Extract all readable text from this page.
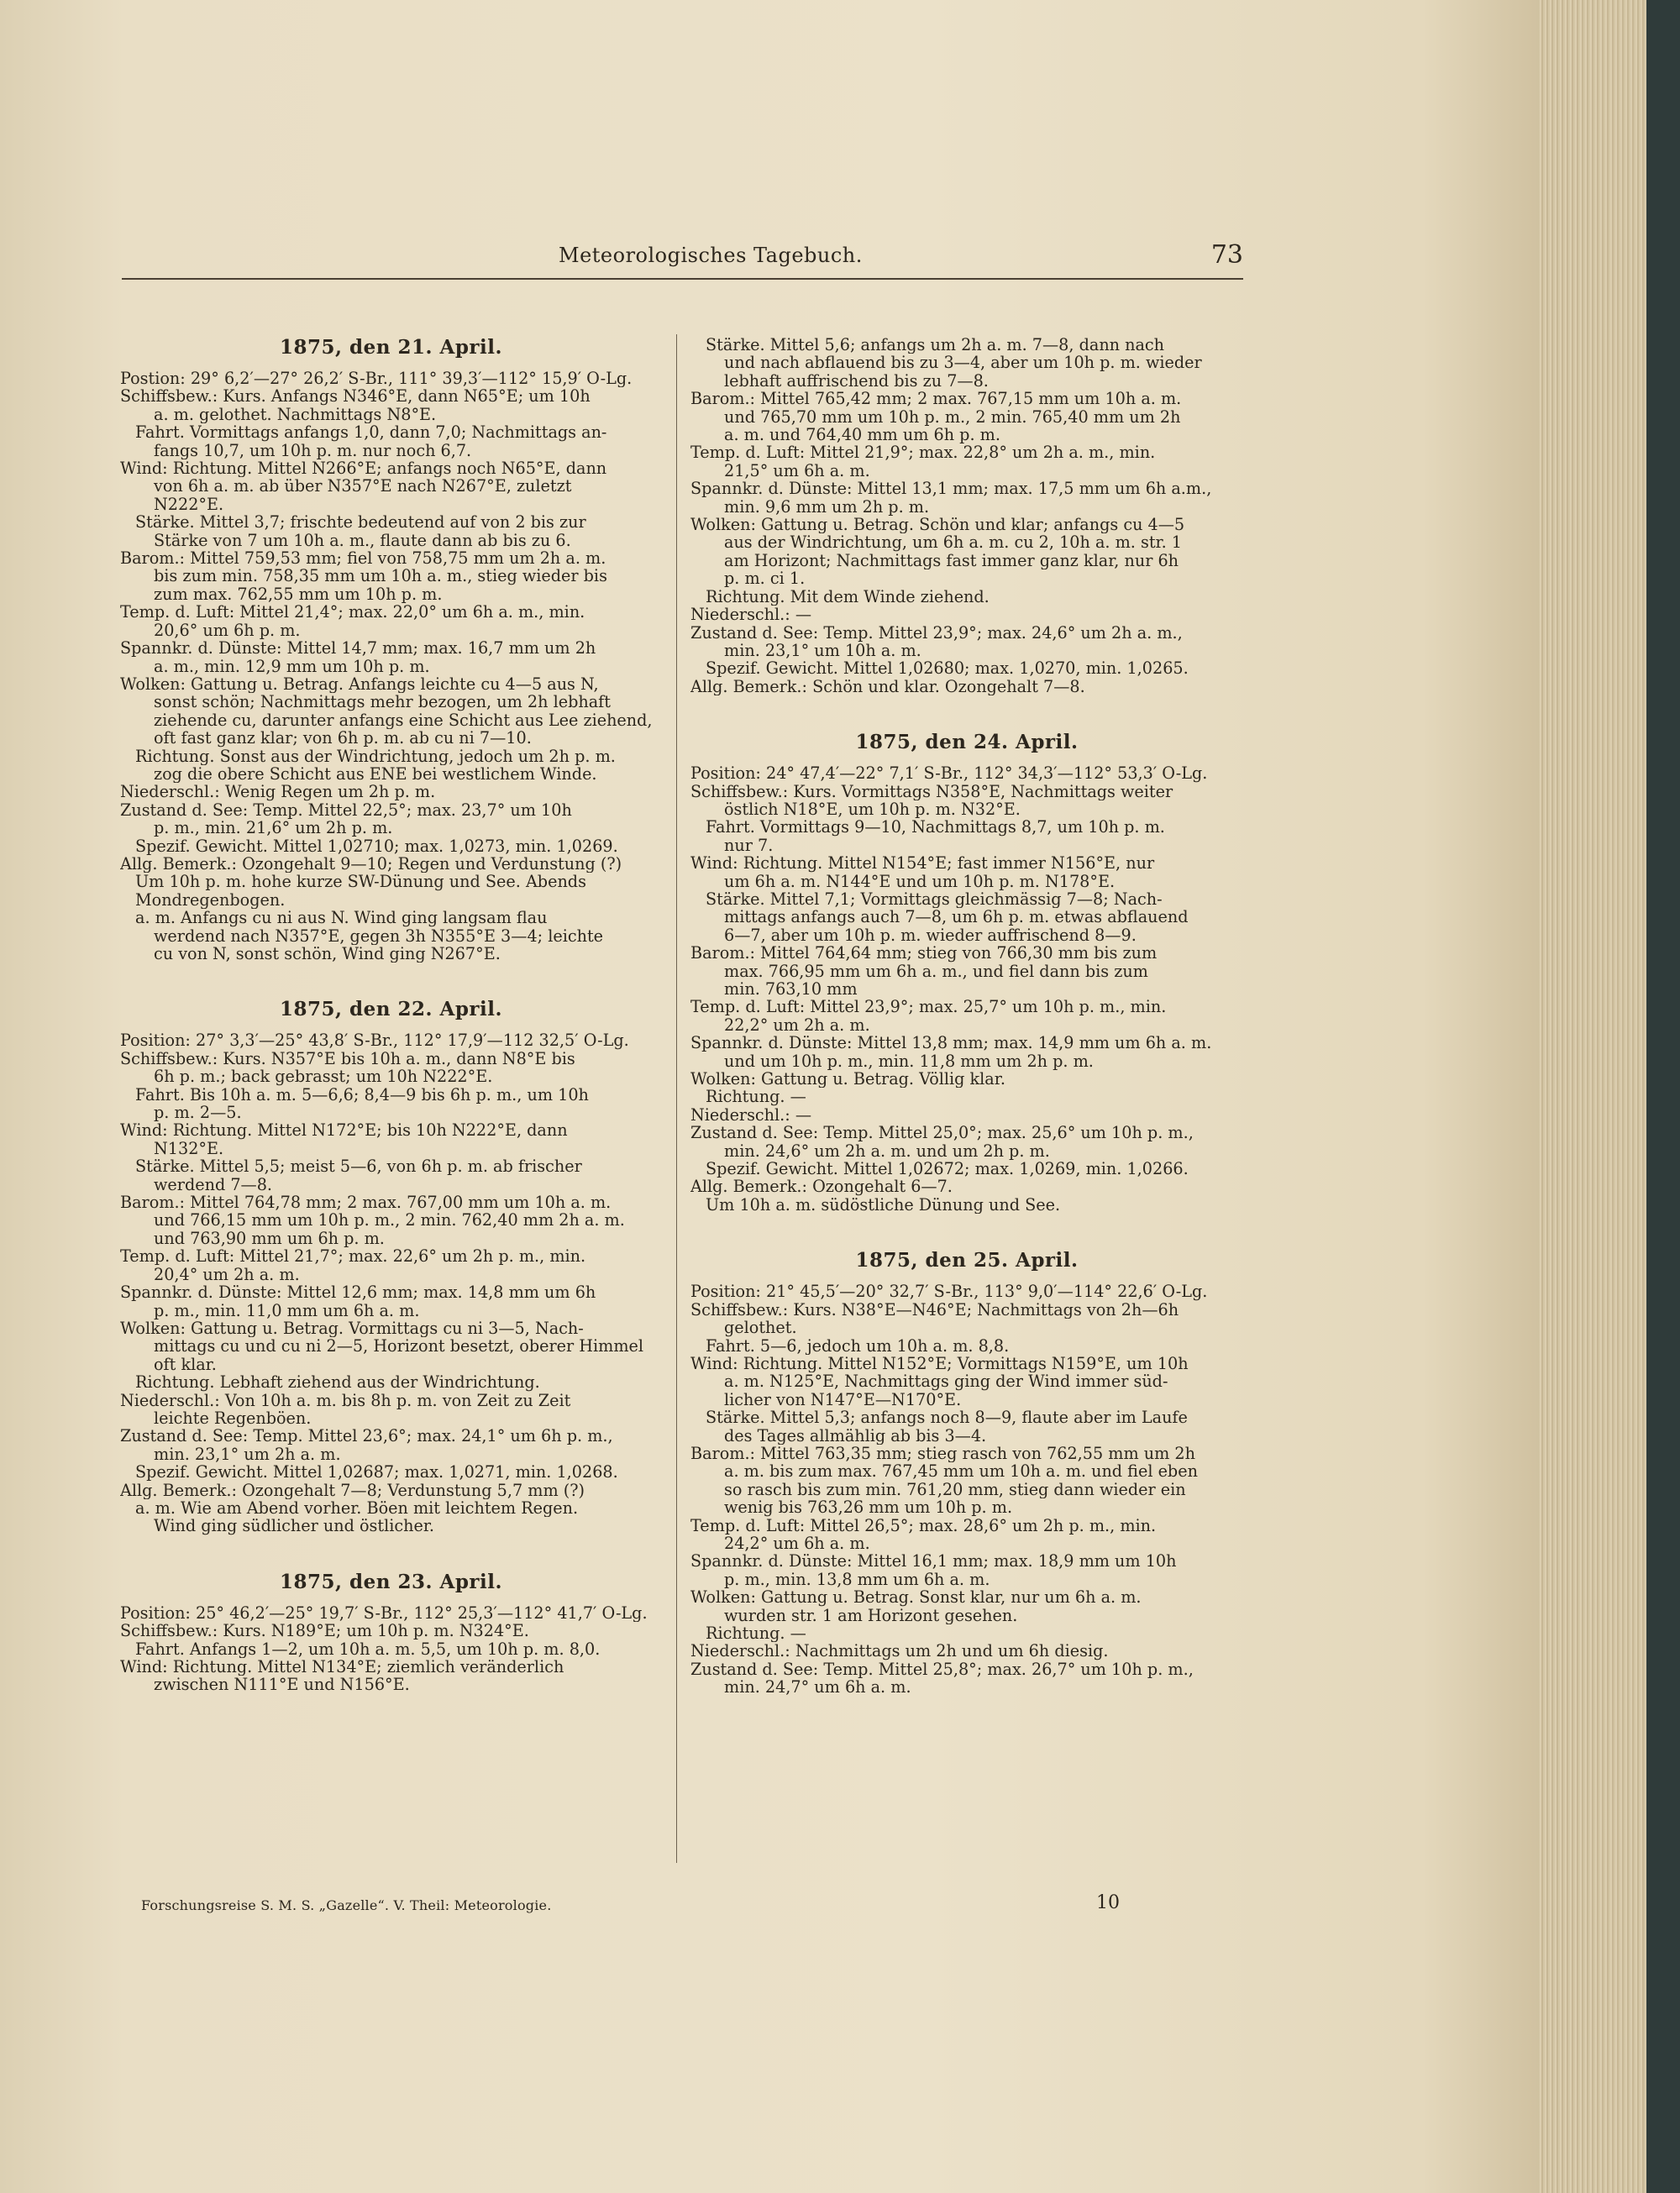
Meteorologisches Tagebuch.	73
1875, den 21. April.
Postion: 29° 6,2′—27° 26,2′ S-Br., 111° 39,3′—112° 15,9′ O-Lg.
Schiffsbew.: Kurs. Anfangs N346°E, dann N65°E; um 10h
a. m. gelothet. Nachmittags N8°E.
Fahrt. Vormittags anfangs 1,0, dann 7,0; Nachmittags an-
fangs 10,7, um 10h p. m. nur noch 6,7.
Wind: Richtung. Mittel N266°E; anfangs noch N65°E, dann
von 6h a. m. ab über N357°E nach N267°E, zuletzt
N222°E.
Stärke. Mittel 3,7; frischte bedeutend auf von 2 bis zur
Stärke von 7 um 10h a. m., flaute dann ab bis zu 6.
Barom.: Mittel 759,53 mm; fiel von 758,75 mm um 2h a. m.
bis zum min. 758,35 mm um 10h a. m., stieg wieder bis
zum max. 762,55 mm um 10h p. m.
Temp. d. Luft: Mittel 21,4°; max. 22,0° um 6h a. m., min.
20,6° um 6h p. m.
Spannkr. d. Dünste: Mittel 14,7 mm; max. 16,7 mm um 2h
a. m., min. 12,9 mm um 10h p. m.
Wolken: Gattung u. Betrag. Anfangs leichte cu 4—5 aus N,
sonst schön; Nachmittags mehr bezogen, um 2h lebhaft
ziehende cu, darunter anfangs eine Schicht aus Lee ziehend,
oft fast ganz klar; von 6h p. m. ab cu ni 7—10.
Richtung. Sonst aus der Windrichtung, jedoch um 2h p. m.
zog die obere Schicht aus ENE bei westlichem Winde.
Niederschl.: Wenig Regen um 2h p. m.
Zustand d. See: Temp. Mittel 22,5°; max. 23,7° um 10h
p. m., min. 21,6° um 2h p. m.
Spezif. Gewicht. Mittel 1,02710; max. 1,0273, min. 1,0269.
Allg. Bemerk.: Ozongehalt 9—10; Regen und Verdunstung (?)
Um 10h p. m. hohe kurze SW-Dünung und See. Abends
Mondregenbogen.
a. m. Anfangs cu ni aus N. Wind ging langsam flau
werdend nach N357°E, gegen 3h N355°E 3—4; leichte
cu von N, sonst schön, Wind ging N267°E.
1875, den 22. April.
Position: 27° 3,3′—25° 43,8′ S-Br., 112° 17,9′—112 32,5′ O-Lg.
Schiffsbew.: Kurs. N357°E bis 10h a. m., dann N8°E bis
6h p. m.; back gebrasst; um 10h N222°E.
Fahrt. Bis 10h a. m. 5—6,6; 8,4—9 bis 6h p. m., um 10h
p. m. 2—5.
Wind: Richtung. Mittel N172°E; bis 10h N222°E, dann
N132°E.
Stärke. Mittel 5,5; meist 5—6, von 6h p. m. ab frischer
werdend 7—8.
Barom.: Mittel 764,78 mm; 2 max. 767,00 mm um 10h a. m.
und 766,15 mm um 10h p. m., 2 min. 762,40 mm 2h a. m.
und 763,90 mm um 6h p. m.
Temp. d. Luft: Mittel 21,7°; max. 22,6° um 2h p. m., min.
20,4° um 2h a. m.
Spannkr. d. Dünste: Mittel 12,6 mm; max. 14,8 mm um 6h
p. m., min. 11,0 mm um 6h a. m.
Wolken: Gattung u. Betrag. Vormittags cu ni 3—5, Nach-
mittags cu und cu ni 2—5, Horizont besetzt, oberer Himmel
oft klar.
Richtung. Lebhaft ziehend aus der Windrichtung.
Niederschl.: Von 10h a. m. bis 8h p. m. von Zeit zu Zeit
leichte Regenböen.
Zustand d. See: Temp. Mittel 23,6°; max. 24,1° um 6h p. m.,
min. 23,1° um 2h a. m.
Spezif. Gewicht. Mittel 1,02687; max. 1,0271, min. 1,0268.
Allg. Bemerk.: Ozongehalt 7—8; Verdunstung 5,7 mm (?)
a. m. Wie am Abend vorher. Böen mit leichtem Regen.
Wind ging südlicher und östlicher.
1875, den 23. April.
Position: 25° 46,2′—25° 19,7′ S-Br., 112° 25,3′—112° 41,7′ O-Lg.
Schiffsbew.: Kurs. N189°E; um 10h p. m. N324°E.
Fahrt. Anfangs 1—2, um 10h a. m. 5,5, um 10h p. m. 8,0.
Wind: Richtung. Mittel N134°E; ziemlich veränderlich
zwischen N111°E und N156°E.
Stärke. Mittel 5,6; anfangs um 2h a. m. 7—8, dann nach
und nach abflauend bis zu 3—4, aber um 10h p. m. wieder
lebhaft auffrischend bis zu 7—8.
Barom.: Mittel 765,42 mm; 2 max. 767,15 mm um 10h a. m.
und 765,70 mm um 10h p. m., 2 min. 765,40 mm um 2h
a. m. und 764,40 mm um 6h p. m.
Temp. d. Luft: Mittel 21,9°; max. 22,8° um 2h a. m., min.
21,5° um 6h a. m.
Spannkr. d. Dünste: Mittel 13,1 mm; max. 17,5 mm um 6h a.m.,
min. 9,6 mm um 2h p. m.
Wolken: Gattung u. Betrag. Schön und klar; anfangs cu 4—5
aus der Windrichtung, um 6h a. m. cu 2, 10h a. m. str. 1
am Horizont; Nachmittags fast immer ganz klar, nur 6h
p. m. ci 1.
Richtung. Mit dem Winde ziehend.
Niederschl.: —
Zustand d. See: Temp. Mittel 23,9°; max. 24,6° um 2h a. m.,
min. 23,1° um 10h a. m.
Spezif. Gewicht. Mittel 1,02680; max. 1,0270, min. 1,0265.
Allg. Bemerk.: Schön und klar. Ozongehalt 7—8.
1875, den 24. April.
Position: 24° 47,4′—22° 7,1′ S-Br., 112° 34,3′—112° 53,3′ O-Lg.
Schiffsbew.: Kurs. Vormittags N358°E, Nachmittags weiter
östlich N18°E, um 10h p. m. N32°E.
Fahrt. Vormittags 9—10, Nachmittags 8,7, um 10h p. m.
nur 7.
Wind: Richtung. Mittel N154°E; fast immer N156°E, nur
um 6h a. m. N144°E und um 10h p. m. N178°E.
Stärke. Mittel 7,1; Vormittags gleichmässig 7—8; Nach-
mittags anfangs auch 7—8, um 6h p. m. etwas abflauend
6—7, aber um 10h p. m. wieder auffrischend 8—9.
Barom.: Mittel 764,64 mm; stieg von 766,30 mm bis zum
max. 766,95 mm um 6h a. m., und fiel dann bis zum
min. 763,10 mm
Temp. d. Luft: Mittel 23,9°; max. 25,7° um 10h p. m., min.
22,2° um 2h a. m.
Spannkr. d. Dünste: Mittel 13,8 mm; max. 14,9 mm um 6h a. m.
und um 10h p. m., min. 11,8 mm um 2h p. m.
Wolken: Gattung u. Betrag. Völlig klar.
Richtung. —
Niederschl.: —
Zustand d. See: Temp. Mittel 25,0°; max. 25,6° um 10h p. m.,
min. 24,6° um 2h a. m. und um 2h p. m.
Spezif. Gewicht. Mittel 1,02672; max. 1,0269, min. 1,0266.
Allg. Bemerk.: Ozongehalt 6—7.
Um 10h a. m. südöstliche Dünung und See.
1875, den 25. April.
Position: 21° 45,5′—20° 32,7′ S-Br., 113° 9,0′—114° 22,6′ O-Lg.
Schiffsbew.: Kurs. N38°E—N46°E; Nachmittags von 2h—6h
gelothet.
Fahrt. 5—6, jedoch um 10h a. m. 8,8.
Wind: Richtung. Mittel N152°E; Vormittags N159°E, um 10h
a. m. N125°E, Nachmittags ging der Wind immer süd-
licher von N147°E—N170°E.
Stärke. Mittel 5,3; anfangs noch 8—9, flaute aber im Laufe
des Tages allmählig ab bis 3—4.
Barom.: Mittel 763,35 mm; stieg rasch von 762,55 mm um 2h
a. m. bis zum max. 767,45 mm um 10h a. m. und fiel eben
so rasch bis zum min. 761,20 mm, stieg dann wieder ein
wenig bis 763,26 mm um 10h p. m.
Temp. d. Luft: Mittel 26,5°; max. 28,6° um 2h p. m., min.
24,2° um 6h a. m.
Spannkr. d. Dünste: Mittel 16,1 mm; max. 18,9 mm um 10h
p. m., min. 13,8 mm um 6h a. m.
Wolken: Gattung u. Betrag. Sonst klar, nur um 6h a. m.
wurden str. 1 am Horizont gesehen.
Richtung. —
Niederschl.: Nachmittags um 2h und um 6h diesig.
Zustand d. See: Temp. Mittel 25,8°; max. 26,7° um 10h p. m.,
min. 24,7° um 6h a. m.
Forschungsreise S. M. S. „Gazelle“. V. Theil: Meteorologie.	10
